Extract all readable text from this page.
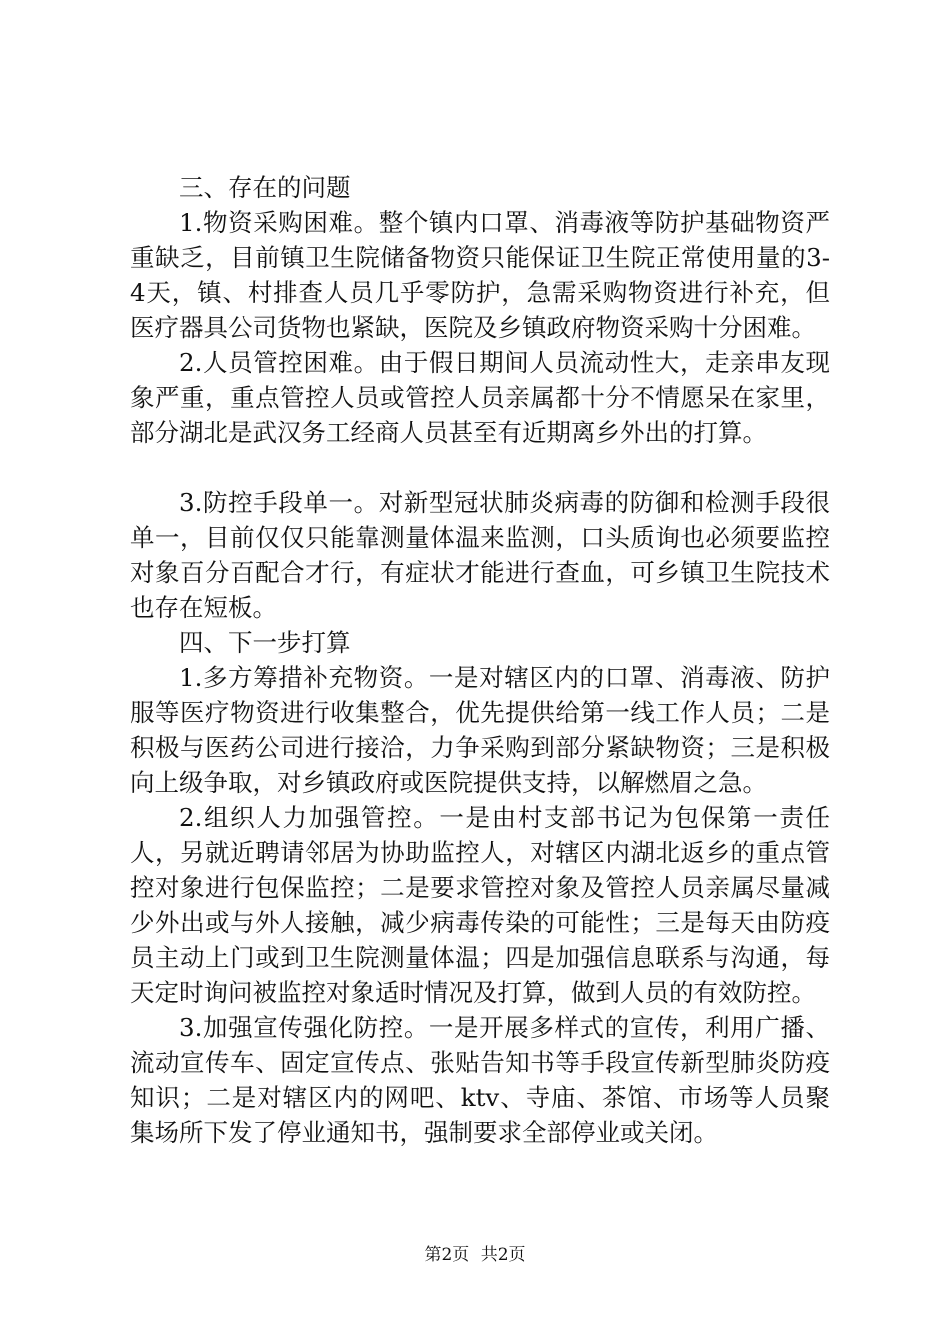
三、存在的问题

1.物资采购困难。整个镇内口罩、消毒液等防护基础物资严重缺乏，目前镇卫生院储备物资只能保证卫生院正常使用量的3-4天，镇、村排查人员几乎零防护，急需采购物资进行补充，但医疗器具公司货物也紧缺，医院及乡镇政府物资采购十分困难。

2.人员管控困难。由于假日期间人员流动性大，走亲串友现象严重，重点管控人员或管控人员亲属都十分不情愿呆在家里，部分湖北是武汉务工经商人员甚至有近期离乡外出的打算。

3.防控手段单一。对新型冠状肺炎病毒的防御和检测手段很单一，目前仅仅只能靠测量体温来监测，口头质询也必须要监控对象百分百配合才行，有症状才能进行查血，可乡镇卫生院技术也存在短板。

四、下一步打算

1.多方筹措补充物资。一是对辖区内的口罩、消毒液、防护服等医疗物资进行收集整合，优先提供给第一线工作人员；二是积极与医药公司进行接洽，力争采购到部分紧缺物资；三是积极向上级争取，对乡镇政府或医院提供支持，以解燃眉之急。

2.组织人力加强管控。一是由村支部书记为包保第一责任人，另就近聘请邻居为协助监控人，对辖区内湖北返乡的重点管控对象进行包保监控；二是要求管控对象及管控人员亲属尽量减少外出或与外人接触，减少病毒传染的可能性；三是每天由防疫员主动上门或到卫生院测量体温；四是加强信息联系与沟通，每天定时询问被监控对象适时情况及打算，做到人员的有效防控。

3.加强宣传强化防控。一是开展多样式的宣传，利用广播、流动宣传车、固定宣传点、张贴告知书等手段宣传新型肺炎防疫知识；二是对辖区内的网吧、ktv、寺庙、茶馆、市场等人员聚集场所下发了停业通知书，强制要求全部停业或关闭。

第2页 共2页
